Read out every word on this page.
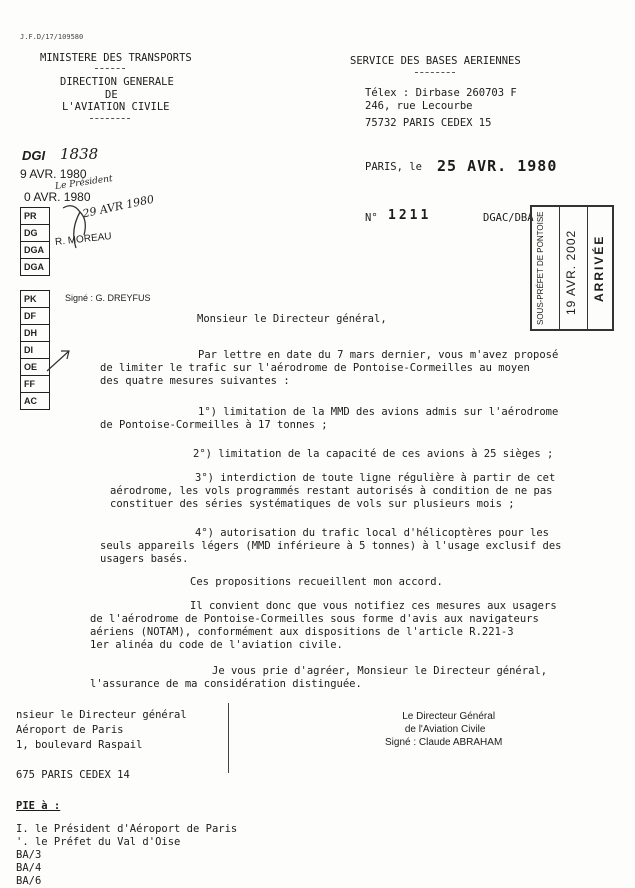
J.F.D/17/109580
MINISTERE DES TRANSPORTS
DIRECTION GENERALE
DE
L'AVIATION CIVILE
SERVICE DES BASES AERIENNES
Télex : Dirbase 260703 F
246, rue Lecourbe
75732 PARIS CEDEX 15
PARIS, le 25 AVR. 1980
N° 1211	DGAC/DBA
DGI 1838
9 AVR. 1980
Le Président
0 AVR. 1980
29 AVR 1980
R. MOREAU
PR
DG
DGA
DGA
PK
DF
DH
DI
OE
FF
AC
Signé : G. DREYFUS	SOUS-PRÉFET DE PONTOISE 19 AVR. 2002 ARRIVÉE
Monsieur le Directeur général,
Par lettre en date du 7 mars dernier, vous m'avez proposé
de limiter le trafic sur l'aérodrome de Pontoise-Cormeilles au moyen
des quatre mesures suivantes :
1°) limitation de la MMD des avions admis sur l'aérodrome
de Pontoise-Cormeilles à 17 tonnes ;
2°) limitation de la capacité de ces avions à 25 sièges ;
3°) interdiction de toute ligne régulière à partir de cet
aérodrome, les vols programmés restant autorisés à condition de ne pas
constituer des séries systématiques de vols sur plusieurs mois ;
4°) autorisation du trafic local d'hélicoptères pour les
seuls appareils légers (MMD inférieure à 5 tonnes) à l'usage exclusif des
usagers basés.
Ces propositions recueillent mon accord.
Il convient donc que vous notifiez ces mesures aux usagers
de l'aérodrome de Pontoise-Cormeilles sous forme d'avis aux navigateurs
aériens (NOTAM), conformément aux dispositions de l'article R.221-3
1er alinéa du code de l'aviation civile.
Je vous prie d'agréer, Monsieur le Directeur général,
l'assurance de ma considération distinguée.
nsieur le Directeur général
Aéroport de Paris
1, boulevard Raspail

675 PARIS CEDEX 14
Le Directeur Général
de l'Aviation Civile
Signé : Claude ABRAHAM
PIE à :
I. le Président d'Aéroport de Paris
'. le Préfet du Val d'Oise
BA/3
BA/4
BA/6
